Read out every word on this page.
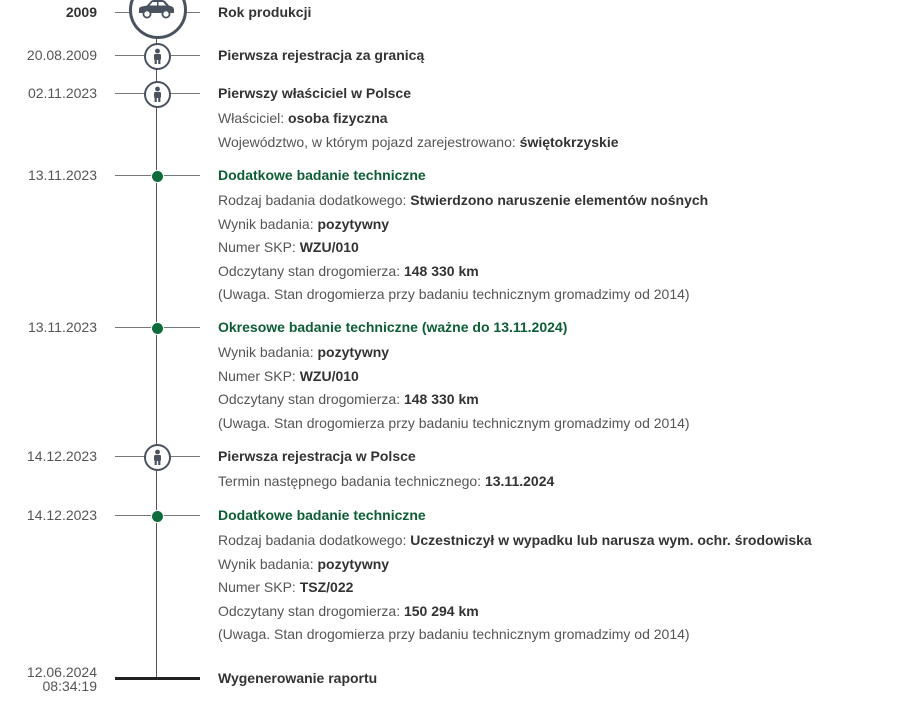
2009	Rok produkcji
20.08.2009	Pierwsza rejestracja za granicą
02.11.2023	Pierwszy właściciel w Polsce
Właściciel: osoba fizyczna
Województwo, w którym pojazd zarejestrowano: świętokrzyskie
13.11.2023	Dodatkowe badanie techniczne
Rodzaj badania dodatkowego: Stwierdzono naruszenie elementów nośnych
Wynik badania: pozytywny
Numer SKP: WZU/010
Odczytany stan drogomierza: 148 330 km
(Uwaga. Stan drogomierza przy badaniu technicznym gromadzimy od 2014)
13.11.2023	Okresowe badanie techniczne (ważne do 13.11.2024)
Wynik badania: pozytywny
Numer SKP: WZU/010
Odczytany stan drogomierza: 148 330 km
(Uwaga. Stan drogomierza przy badaniu technicznym gromadzimy od 2014)
14.12.2023	Pierwsza rejestracja w Polsce
Termin następnego badania technicznego: 13.11.2024
14.12.2023	Dodatkowe badanie techniczne
Rodzaj badania dodatkowego: Uczestniczył w wypadku lub narusza wym. ochr. środowiska
Wynik badania: pozytywny
Numer SKP: TSZ/022
Odczytany stan drogomierza: 150 294 km
(Uwaga. Stan drogomierza przy badaniu technicznym gromadzimy od 2014)
12.06.2024
08:34:19	Wygenerowanie raportu
